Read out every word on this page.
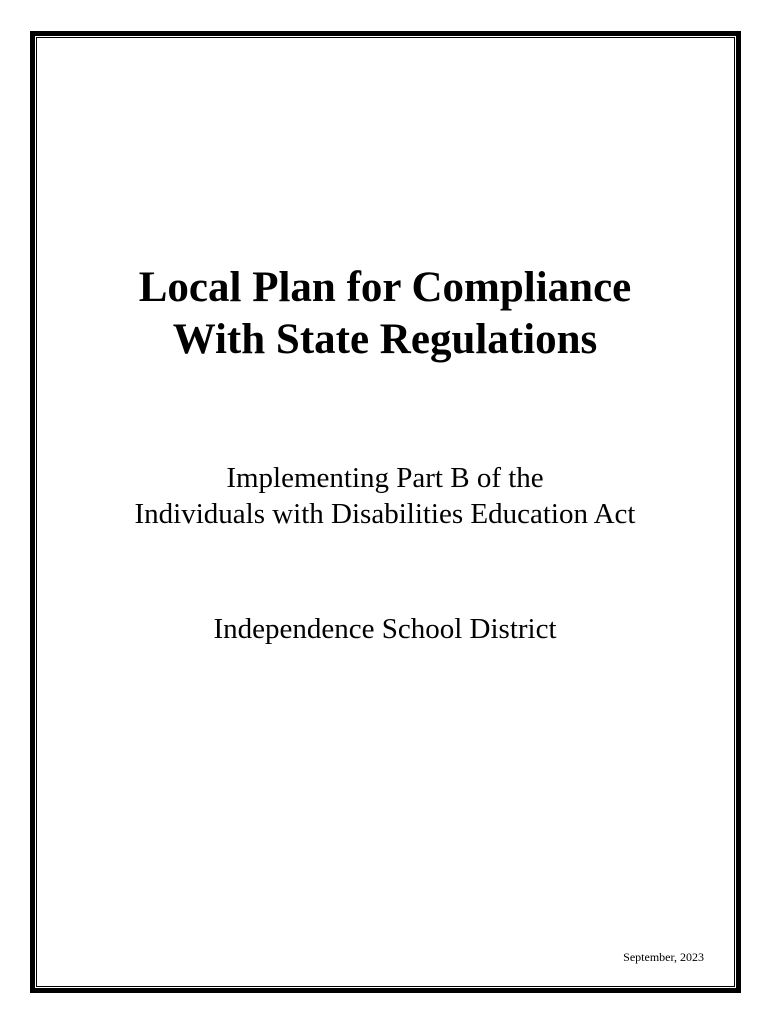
Local Plan for Compliance
With State Regulations
Implementing Part B of the
Individuals with Disabilities Education Act
Independence School District
September, 2023
